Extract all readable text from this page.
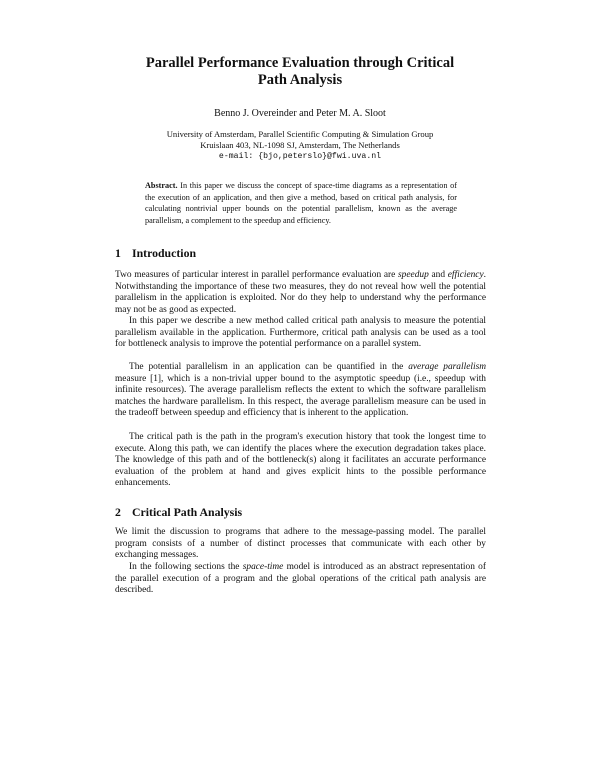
Parallel Performance Evaluation through Critical
Path Analysis
Benno J. Overeinder and Peter M. A. Sloot
University of Amsterdam, Parallel Scientific Computing & Simulation Group
Kruislaan 403, NL-1098 SJ, Amsterdam, The Netherlands
e-mail: {bjo,peterslo}@fwi.uva.nl
Abstract. In this paper we discuss the concept of space-time diagrams as a representation of the execution of an application, and then give a method, based on critical path analysis, for calculating nontrivial upper bounds on the potential parallelism, known as the average parallelism, a complement to the speedup and efficiency.
1 Introduction

Two measures of particular interest in parallel performance evaluation are speedup and efficiency. Notwithstanding the importance of these two measures, they do not reveal how well the potential parallelism in the application is exploited. Nor do they help to understand why the performance may not be as good as expected.

In this paper we describe a new method called critical path analysis to measure the potential parallelism available in the application. Furthermore, critical path analysis can be used as a tool for bottleneck analysis to improve the potential performance on a parallel system.

The potential parallelism in an application can be quantified in the average parallelism measure [1], which is a non-trivial upper bound to the asymptotic speedup (i.e., speedup with infinite resources). The average parallelism reflects the extent to which the software parallelism matches the hardware parallelism. In this respect, the average parallelism measure can be used in the tradeoff between speedup and efficiency that is inherent to the application.

The critical path is the path in the program's execution history that took the longest time to execute. Along this path, we can identify the places where the execution degradation takes place. The knowledge of this path and of the bottleneck(s) along it facilitates an accurate performance evaluation of the problem at hand and gives explicit hints to the possible performance enhancements.

2 Critical Path Analysis

We limit the discussion to programs that adhere to the message-passing model. The parallel program consists of a number of distinct processes that communicate with each other by exchanging messages.

In the following sections the space-time model is introduced as an abstract representation of the parallel execution of a program and the global operations of the critical path analysis are described.
